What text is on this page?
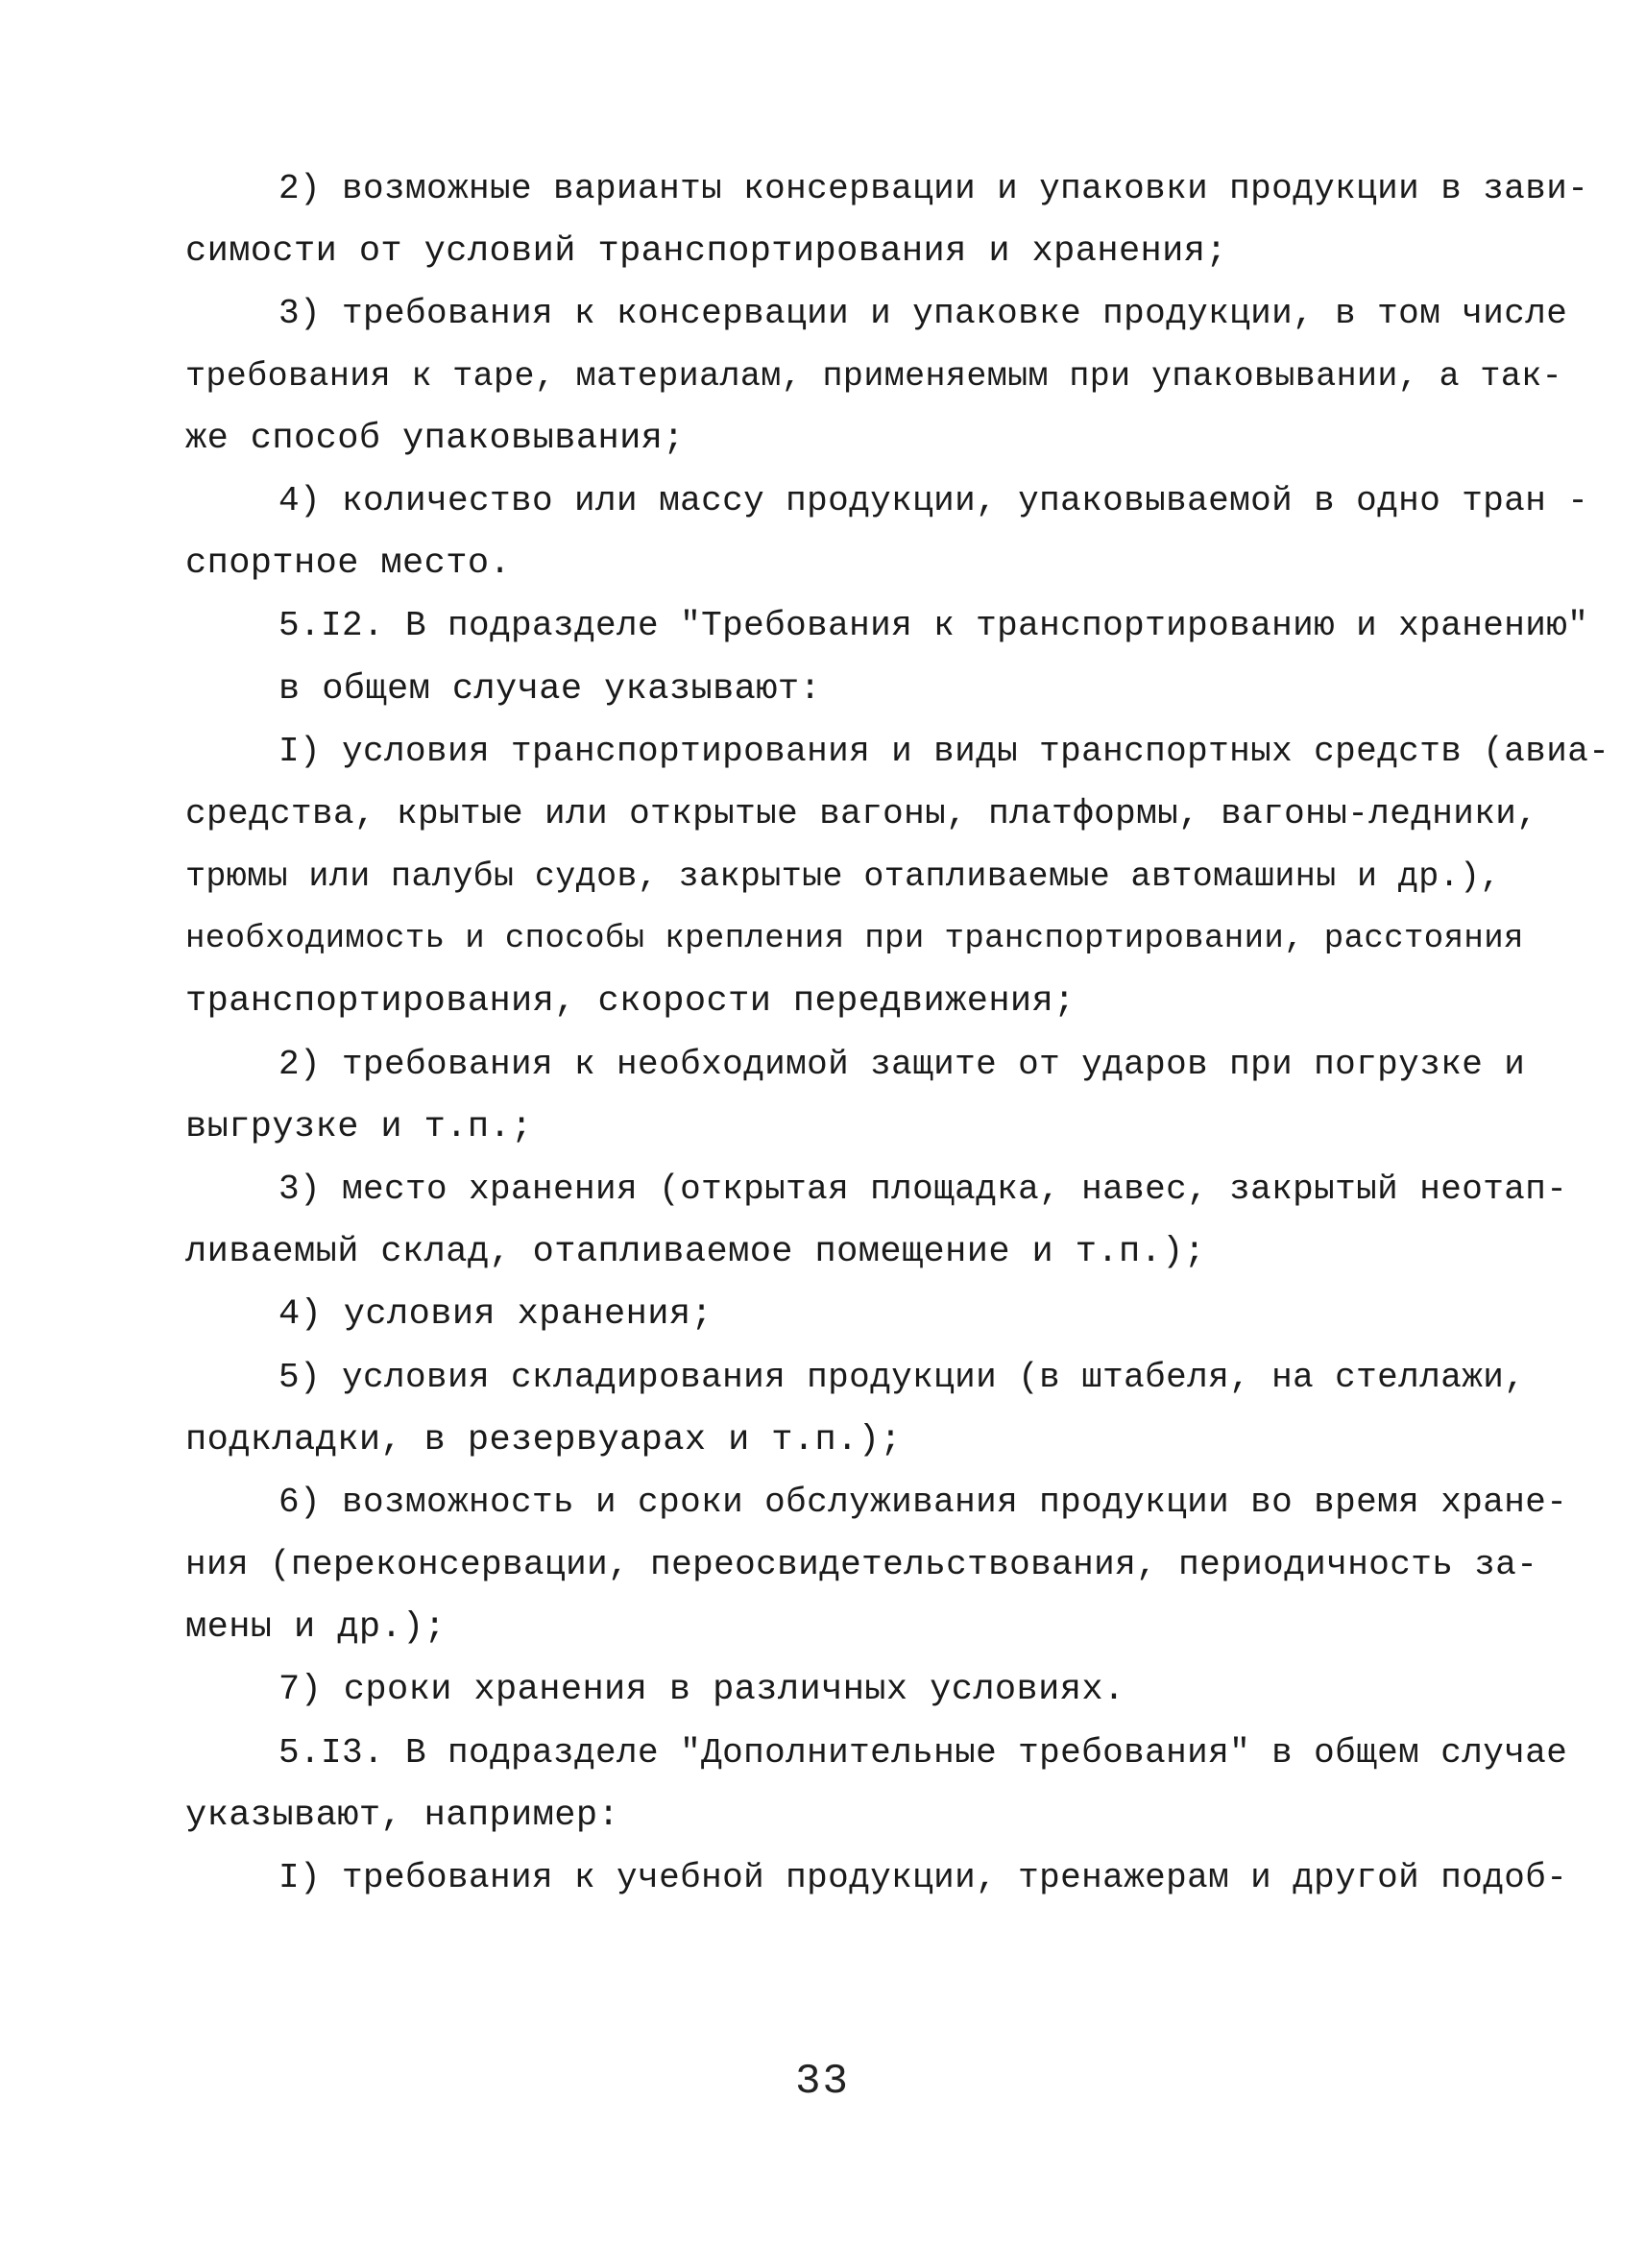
2) возможные варианты консервации и упаковки продукции в зави-
симости от условий транспортирования и хранения;
3) требования к консервации и упаковке продукции, в том числе
требования к таре, материалам, применяемым при упаковывании, а так-
же способ упаковывания;
4) количество или массу продукции, упаковываемой в одно тран -
спортное место.
5.I2. В подразделе "Требования к транспортированию и хранению"
в общем случае указывают:
I) условия транспортирования и виды транспортных средств (авиа-
средства, крытые или открытые вагоны, платформы, вагоны-ледники,
трюмы или палубы судов, закрытые отапливаемые автомашины и др.),
необходимость и способы крепления при транспортировании, расстояния
транспортирования, скорости передвижения;
2) требования к необходимой защите от ударов при погрузке и
выгрузке и т.п.;
3) место хранения (открытая площадка, навес, закрытый неотап-
ливаемый склад, отапливаемое помещение и т.п.);
4) условия хранения;
5) условия складирования продукции (в штабеля, на стеллажи,
подкладки, в резервуарах и т.п.);
6) возможность и сроки обслуживания продукции во время хране-
ния (переконсервации, переосвидетельствования, периодичность за-
мены и др.);
7) сроки хранения в различных условиях.
5.I3. В подразделе "Дополнительные требования" в общем случае
указывают, например:
I) требования к учебной продукции, тренажерам и другой подоб-
33
